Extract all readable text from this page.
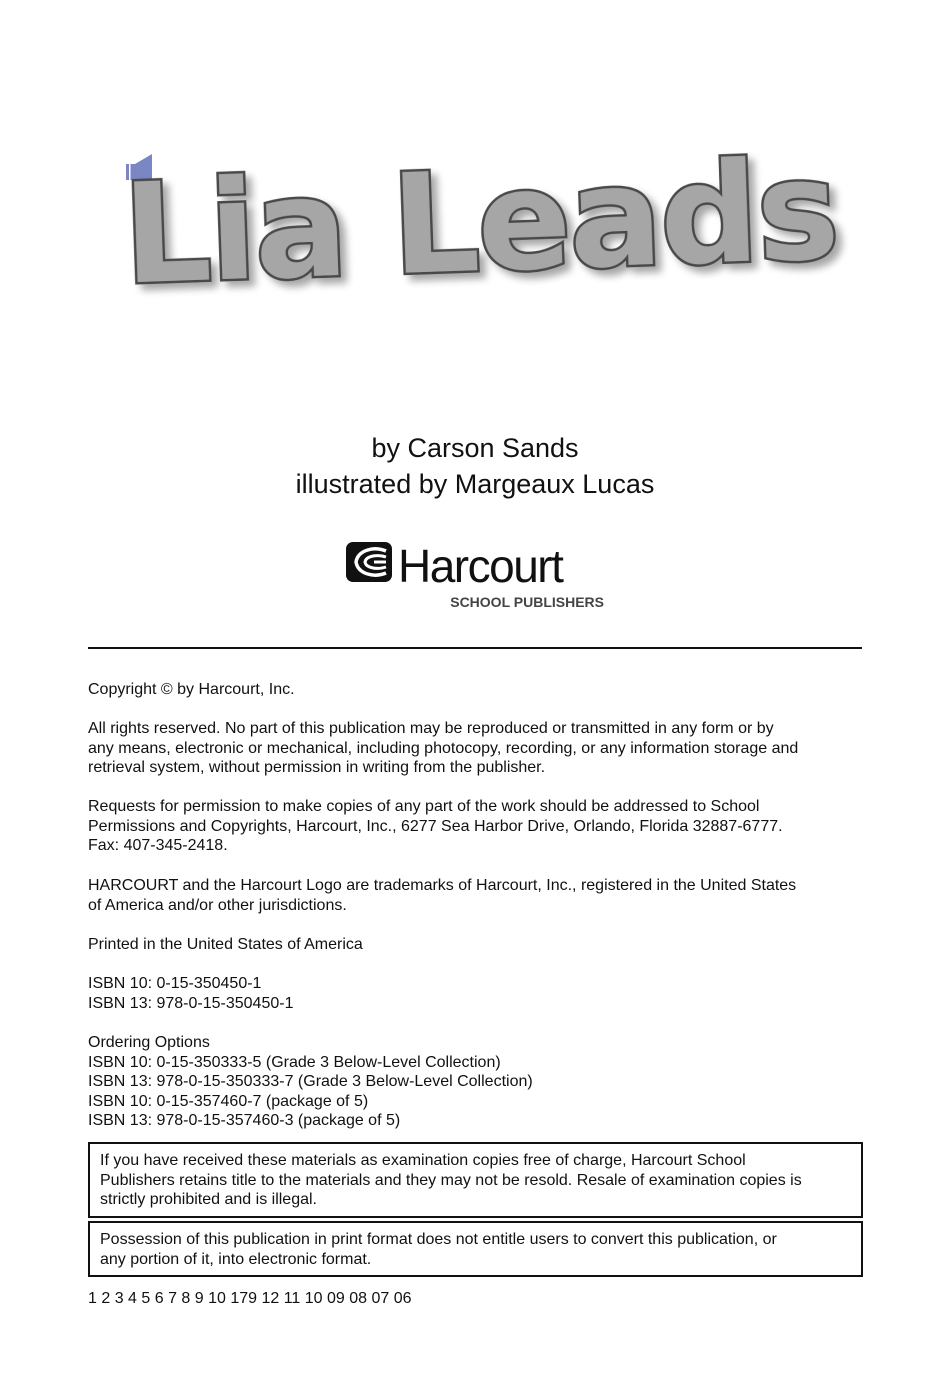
Lia Leads
by Carson Sands
illustrated by Margeaux Lucas
Harcourt
SCHOOL PUBLISHERS
Copyright © by Harcourt, Inc.
All rights reserved. No part of this publication may be reproduced or transmitted in any form or by
any means, electronic or mechanical, including photocopy, recording, or any information storage and
retrieval system, without permission in writing from the publisher.
Requests for permission to make copies of any part of the work should be addressed to School
Permissions and Copyrights, Harcourt, Inc., 6277 Sea Harbor Drive, Orlando, Florida 32887-6777.
Fax: 407-345-2418.
HARCOURT and the Harcourt Logo are trademarks of Harcourt, Inc., registered in the United States
of America and/or other jurisdictions.
Printed in the United States of America
ISBN 10: 0-15-350450-1
ISBN 13: 978-0-15-350450-1
Ordering Options
ISBN 10: 0-15-350333-5 (Grade 3 Below-Level Collection)
ISBN 13: 978-0-15-350333-7 (Grade 3 Below-Level Collection)
ISBN 10: 0-15-357460-7 (package of 5)
ISBN 13: 978-0-15-357460-3 (package of 5)
If you have received these materials as examination copies free of charge, Harcourt School
Publishers retains title to the materials and they may not be resold. Resale of examination copies is
strictly prohibited and is illegal.
Possession of this publication in print format does not entitle users to convert this publication, or
any portion of it, into electronic format.
1 2 3 4 5 6 7 8 9 10 179 12 11 10 09 08 07 06
